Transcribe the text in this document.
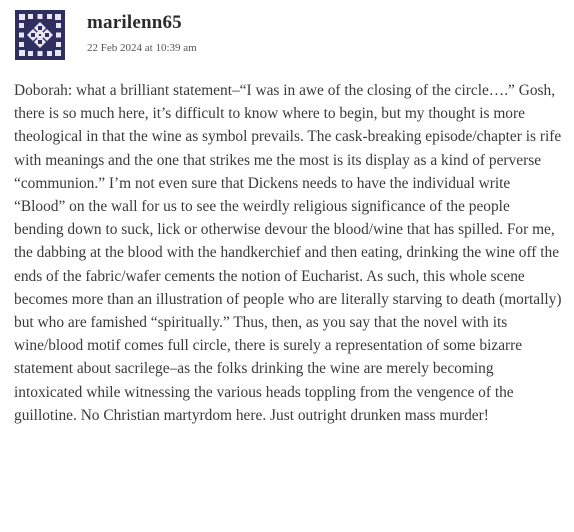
marilenn65
22 Feb 2024 at 10:39 am

Doborah: what a brilliant statement–“I was in awe of the closing of the circle….” Gosh, there is so much here, it’s difficult to know where to begin, but my thought is more theological in that the wine as symbol prevails. The cask-breaking episode/chapter is rife with meanings and the one that strikes me the most is its display as a kind of perverse “communion.” I’m not even sure that Dickens needs to have the individual write

“Blood” on the wall for us to see the weirdly religious significance of the people bending down to suck, lick or otherwise devour the blood/wine that has spilled. For me, the dabbing at the blood with the handkerchief and then eating, drinking the wine off the ends of the fabric/wafer cements the notion of Eucharist. As such, this whole scene becomes more than an illustration of people who are literally starving to death (mortally) but who are famished “spiritually.” Thus, then, as you say that the novel with its wine/blood motif comes full circle, there is surely a representation of some bizarre statement about sacrilege–as the folks drinking the wine are merely becoming intoxicated while witnessing the various heads toppling from the vengence of the guillotine. No Christian martyrdom here. Just outright drunken mass murder!
